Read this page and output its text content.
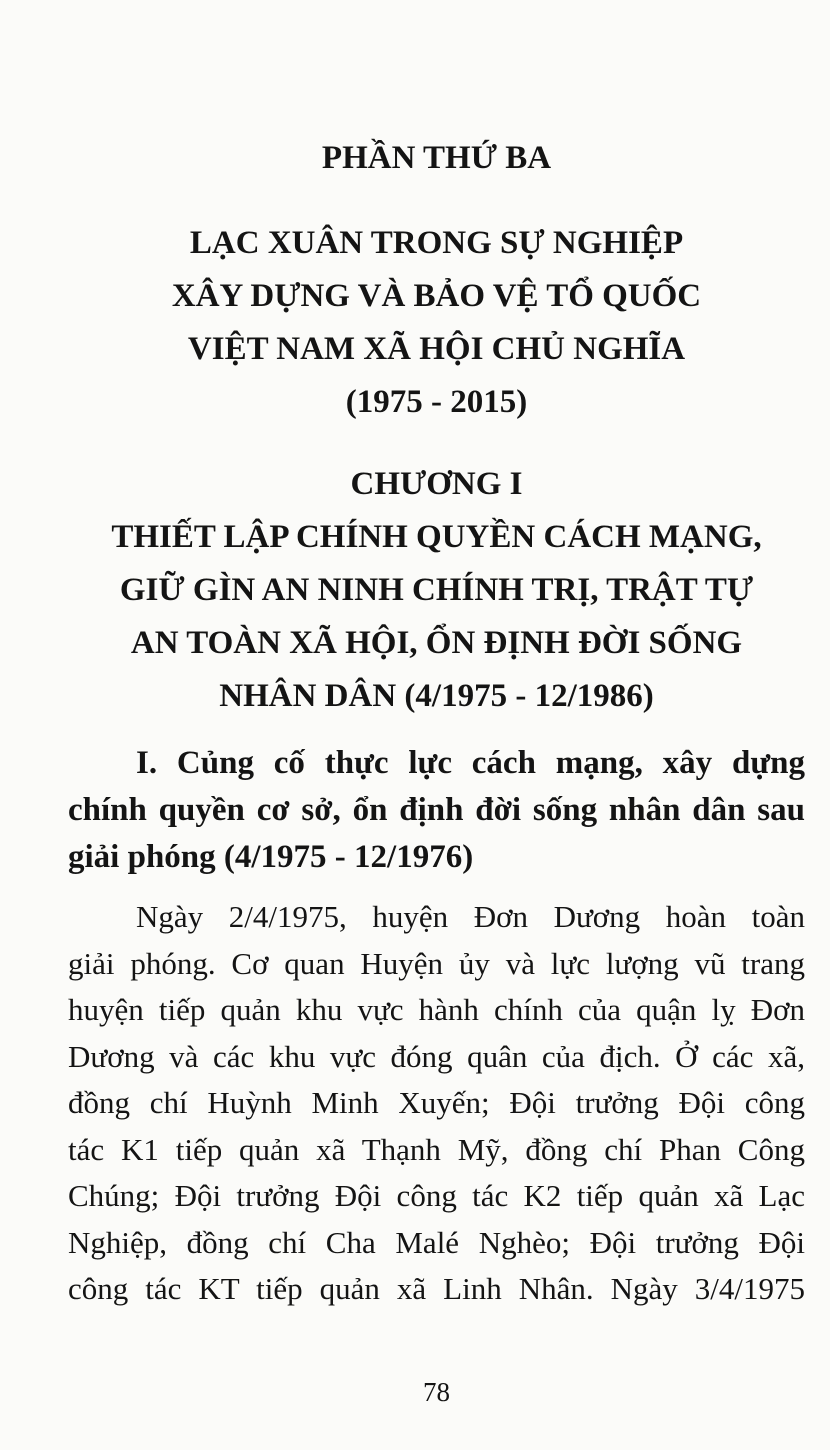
PHẦN THỨ BA
LẠC XUÂN TRONG SỰ NGHIỆP
XÂY DỰNG VÀ BẢO VỆ TỔ QUỐC
VIỆT NAM XÃ HỘI CHỦ NGHĨA
(1975 - 2015)
CHƯƠNG I
THIẾT LẬP CHÍNH QUYỀN CÁCH MẠNG,
GIỮ GÌN AN NINH CHÍNH TRỊ, TRẬT TỰ
AN TOÀN XÃ HỘI, ỔN ĐỊNH ĐỜI SỐNG
NHÂN DÂN (4/1975 - 12/1986)
I. Củng cố thực lực cách mạng, xây dựng
chính quyền cơ sở, ổn định đời sống nhân dân sau
giải phóng (4/1975 - 12/1976)
Ngày 2/4/1975, huyện Đơn Dương hoàn toàn
giải phóng. Cơ quan Huyện ủy và lực lượng vũ trang
huyện tiếp quản khu vực hành chính của quận lỵ Đơn
Dương và các khu vực đóng quân của địch. Ở các xã,
đồng chí Huỳnh Minh Xuyến; Đội trưởng Đội công
tác K1 tiếp quản xã Thạnh Mỹ, đồng chí Phan Công
Chúng; Đội trưởng Đội công tác K2 tiếp quản xã Lạc
Nghiệp, đồng chí Cha Malé Nghèo; Đội trưởng Đội
công tác KT tiếp quản xã Linh Nhân. Ngày 3/4/1975
78
